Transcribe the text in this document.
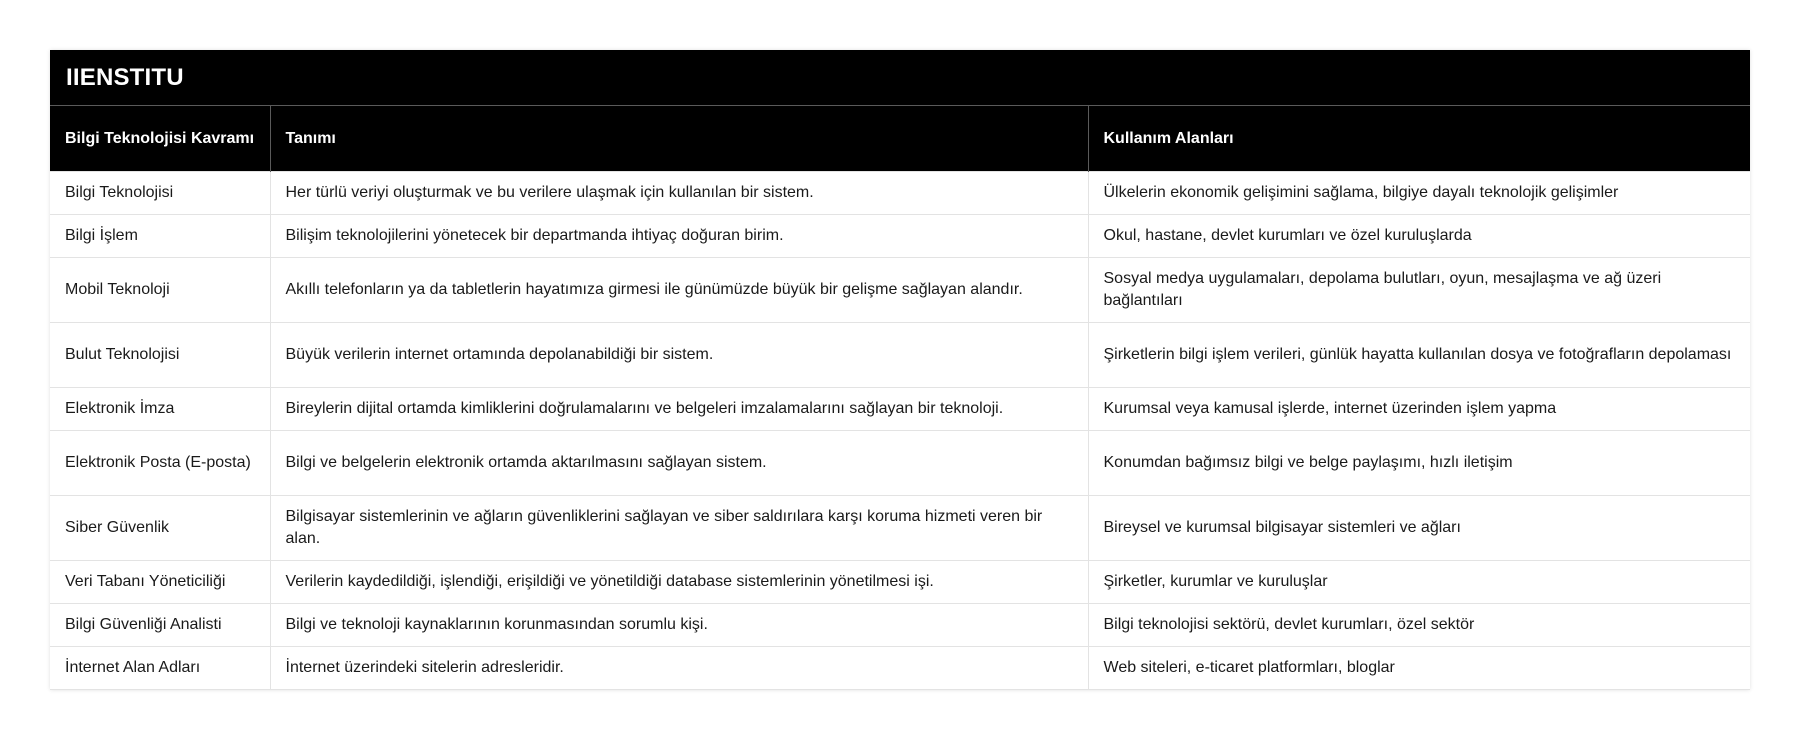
IIENSTITU
Bilgi Teknolojisi Kavramı	Tanımı	Kullanım Alanları
Bilgi Teknolojisi	Her türlü veriyi oluşturmak ve bu verilere ulaşmak için kullanılan bir sistem.	Ülkelerin ekonomik gelişimini sağlama, bilgiye dayalı teknolojik gelişimler
Bilgi İşlem	Bilişim teknolojilerini yönetecek bir departmanda ihtiyaç doğuran birim.	Okul, hastane, devlet kurumları ve özel kuruluşlarda
Mobil Teknoloji	Akıllı telefonların ya da tabletlerin hayatımıza girmesi ile günümüzde büyük bir gelişme sağlayan alandır.	Sosyal medya uygulamaları, depolama bulutları, oyun, mesajlaşma ve ağ üzeri bağlantıları
Bulut Teknolojisi	Büyük verilerin internet ortamında depolanabildiği bir sistem.	Şirketlerin bilgi işlem verileri, günlük hayatta kullanılan dosya ve fotoğrafların depolaması
Elektronik İmza	Bireylerin dijital ortamda kimliklerini doğrulamalarını ve belgeleri imzalamalarını sağlayan bir teknoloji.	Kurumsal veya kamusal işlerde, internet üzerinden işlem yapma
Elektronik Posta (E-posta)	Bilgi ve belgelerin elektronik ortamda aktarılmasını sağlayan sistem.	Konumdan bağımsız bilgi ve belge paylaşımı, hızlı iletişim
Siber Güvenlik	Bilgisayar sistemlerinin ve ağların güvenliklerini sağlayan ve siber saldırılara karşı koruma hizmeti veren bir alan.	Bireysel ve kurumsal bilgisayar sistemleri ve ağları
Veri Tabanı Yöneticiliği	Verilerin kaydedildiği, işlendiği, erişildiği ve yönetildiği database sistemlerinin yönetilmesi işi.	Şirketler, kurumlar ve kuruluşlar
Bilgi Güvenliği Analisti	Bilgi ve teknoloji kaynaklarının korunmasından sorumlu kişi.	Bilgi teknolojisi sektörü, devlet kurumları, özel sektör
İnternet Alan Adları	İnternet üzerindeki sitelerin adresleridir.	Web siteleri, e-ticaret platformları, bloglar
